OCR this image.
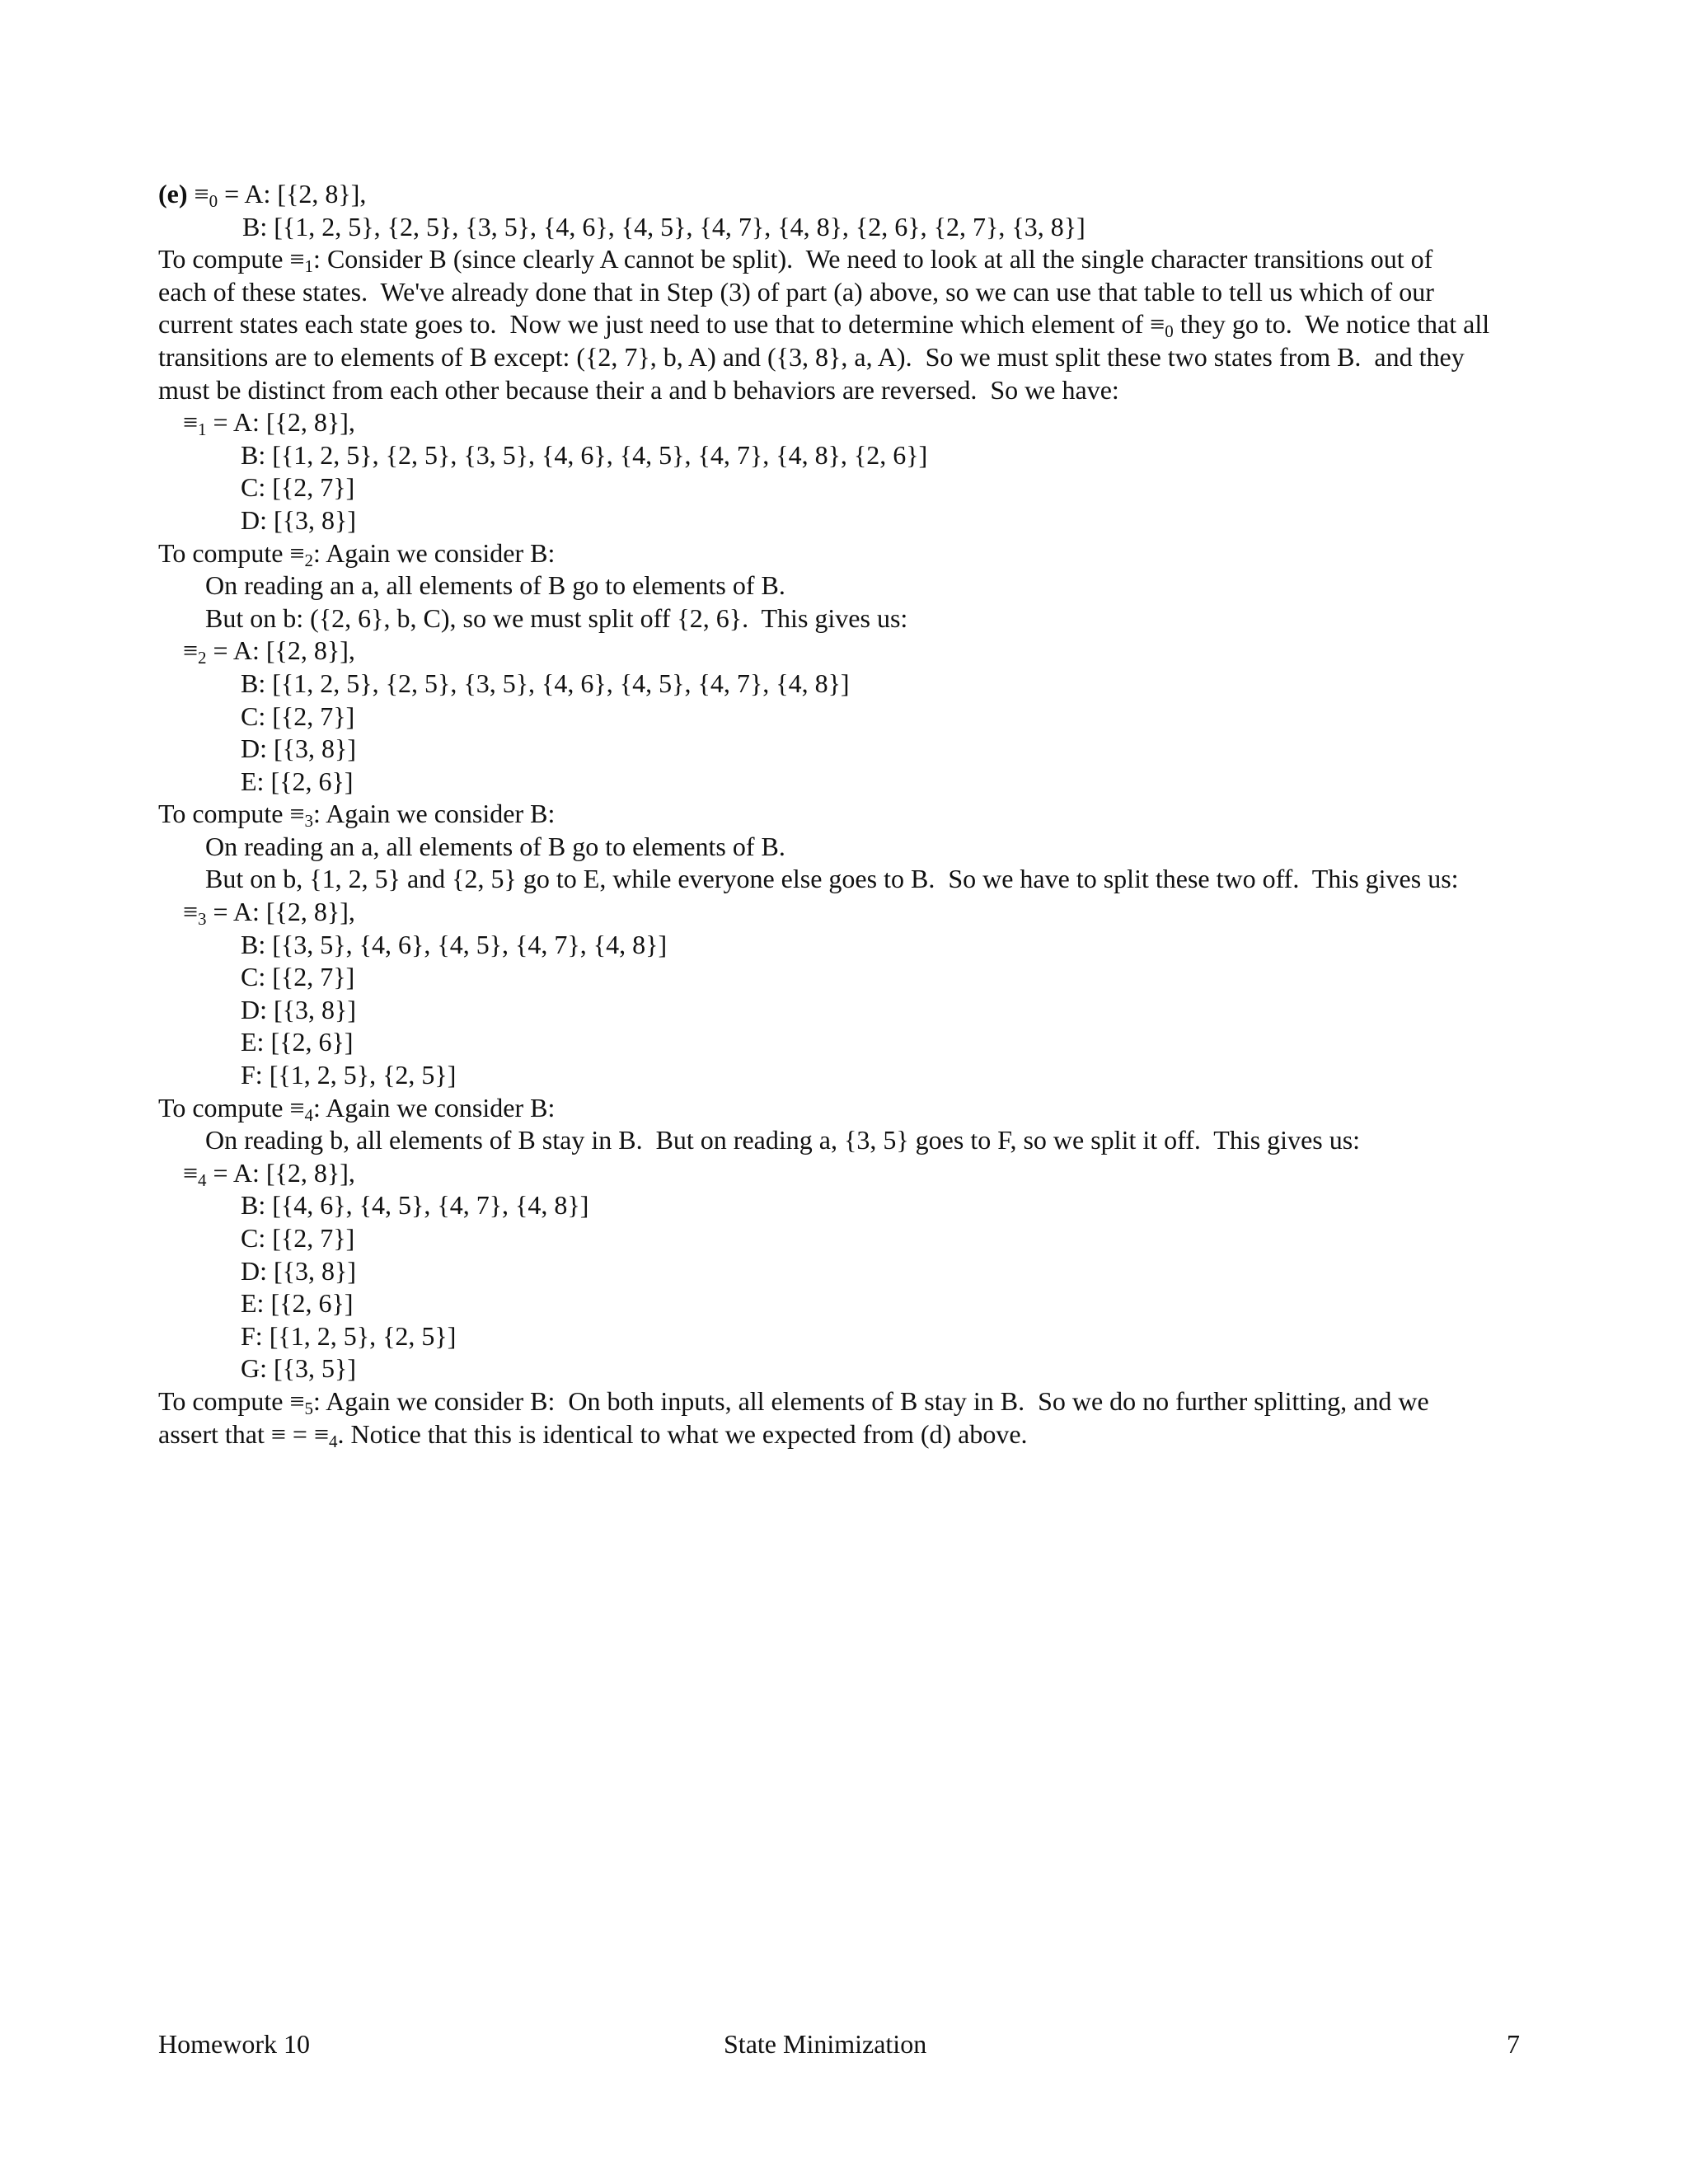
$(e) \equiv_0 = A$: [{2, 8}],
B: [{1, 2, 5}, {2, 5}, {3, 5}, {4, 6}, {4, 5}, {4, 7}, {4, 8}, {2, 6}, {2, 7}, {3, 8}]
To compute $\equiv_1$: Consider B (since clearly A cannot be split).  We need to look at all the single character transitions out of
each of these states.  We've already done that in Step (3) of part (a) above, so we can use that table to tell us which of our
current states each state goes to.  Now we just need to use that to determine which element of $\equiv_0$ they go to.  We notice that all
transitions are to elements of B except: ({2, 7}, b, A) and ({3, 8}, a, A).  So we must split these two states from B.  and they
must be distinct from each other because their a and b behaviors are reversed.  So we have:
$\equiv_1 = A$: [{2, 8}],
B: [{1, 2, 5}, {2, 5}, {3, 5}, {4, 6}, {4, 5}, {4, 7}, {4, 8}, {2, 6}]
C: [{2, 7}]
D: [{3, 8}]
To compute $\equiv_2$: Again we consider B:
On reading an a, all elements of B go to elements of B.
But on b: ({2, 6}, b, C), so we must split off {2, 6}.  This gives us:
$\equiv_2 = A$: [{2, 8}],
B: [{1, 2, 5}, {2, 5}, {3, 5}, {4, 6}, {4, 5}, {4, 7}, {4, 8}]
C: [{2, 7}]
D: [{3, 8}]
E: [{2, 6}]
To compute $\equiv_3$: Again we consider B:
On reading an a, all elements of B go to elements of B.
But on b, {1, 2, 5} and {2, 5} go to E, while everyone else goes to B.  So we have to split these two off.  This gives us:
$\equiv_3 = A$: [{2, 8}],
B: [{3, 5}, {4, 6}, {4, 5}, {4, 7}, {4, 8}]
C: [{2, 7}]
D: [{3, 8}]
E: [{2, 6}]
F: [{1, 2, 5}, {2, 5}]
To compute $\equiv_4$: Again we consider B:
On reading b, all elements of B stay in B.  But on reading a, {3, 5} goes to F, so we split it off.  This gives us:
$\equiv_4 = A$: [{2, 8}],
B: [{4, 6}, {4, 5}, {4, 7}, {4, 8}]
C: [{2, 7}]
D: [{3, 8}]
E: [{2, 6}]
F: [{1, 2, 5}, {2, 5}]
G: [{3, 5}]
To compute $\equiv_5$: Again we consider B:  On both inputs, all elements of B stay in B.  So we do no further splitting, and we
assert that ≡ = $\equiv_4$. Notice that this is identical to what we expected from (d) above.
Homework 10	State Minimization	7
